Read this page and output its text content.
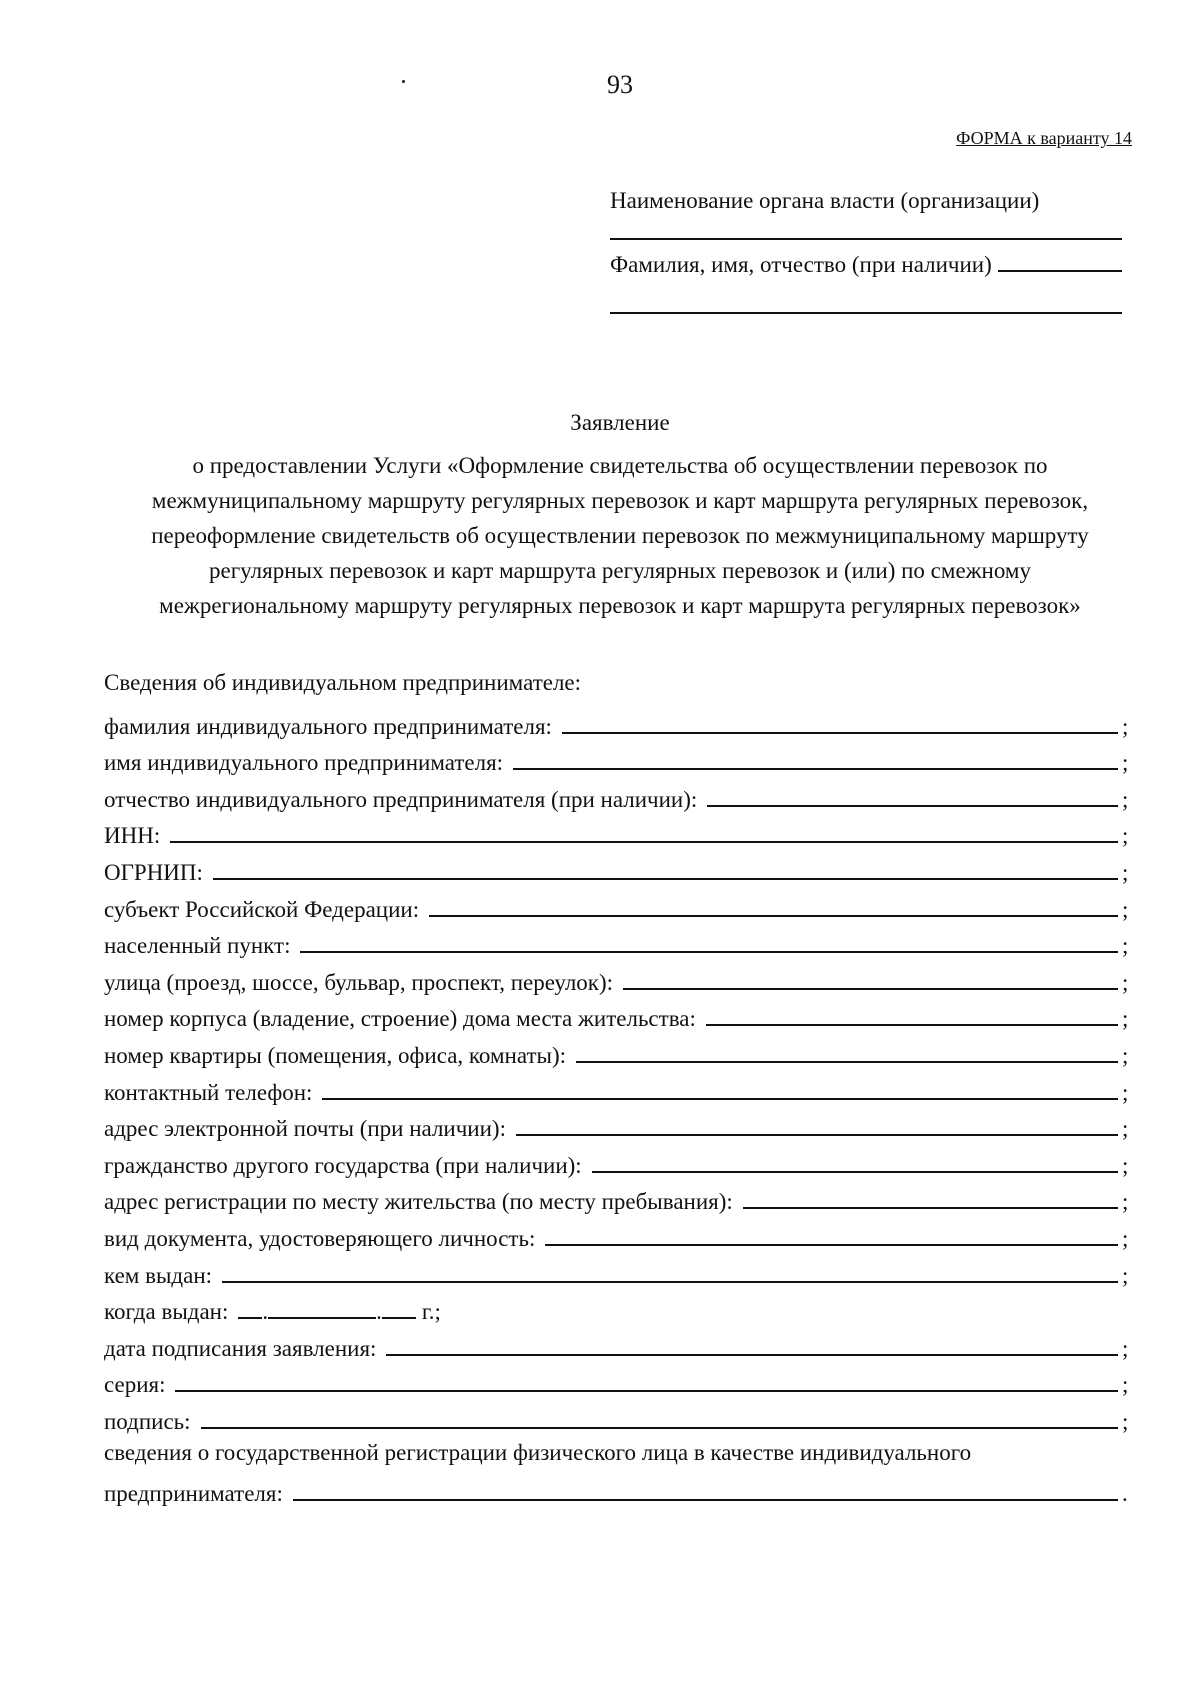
93
ФОРМА к варианту 14
Наименование органа власти (организации)
Фамилия, имя, отчество (при наличии)
Заявление
о предоставлении Услуги «Оформление свидетельства об осуществлении перевозок по
межмуниципальному маршруту регулярных перевозок и карт маршрута регулярных перевозок,
переоформление свидетельств об осуществлении перевозок по межмуниципальному маршруту
регулярных перевозок и карт маршрута регулярных перевозок и (или) по смежному
межрегиональному маршруту регулярных перевозок и карт маршрута регулярных перевозок»
Сведения об индивидуальном предпринимателе:
фамилия индивидуального предпринимателя:	;
имя индивидуального предпринимателя:	;
отчество индивидуального предпринимателя (при наличии):	;
ИНН:	;
ОГРНИП:	;
субъект Российской Федерации:	;
населенный пункт:	;
улица (проезд, шоссе, бульвар, проспект, переулок):	;
номер корпуса (владение, строение) дома места жительства:	;
номер квартиры (помещения, офиса, комнаты):	;
контактный телефон:	;
адрес электронной почты (при наличии):	;
гражданство другого государства (при наличии):	;
адрес регистрации по месту жительства (по месту пребывания):	;
вид документа, удостоверяющего личность:	;
кем выдан:	;
когда выдан: .	. г.;
дата подписания заявления:	;
серия:	;
подпись:	;
сведения о государственной регистрации физического лица в качестве индивидуального
предпринимателя:	.
